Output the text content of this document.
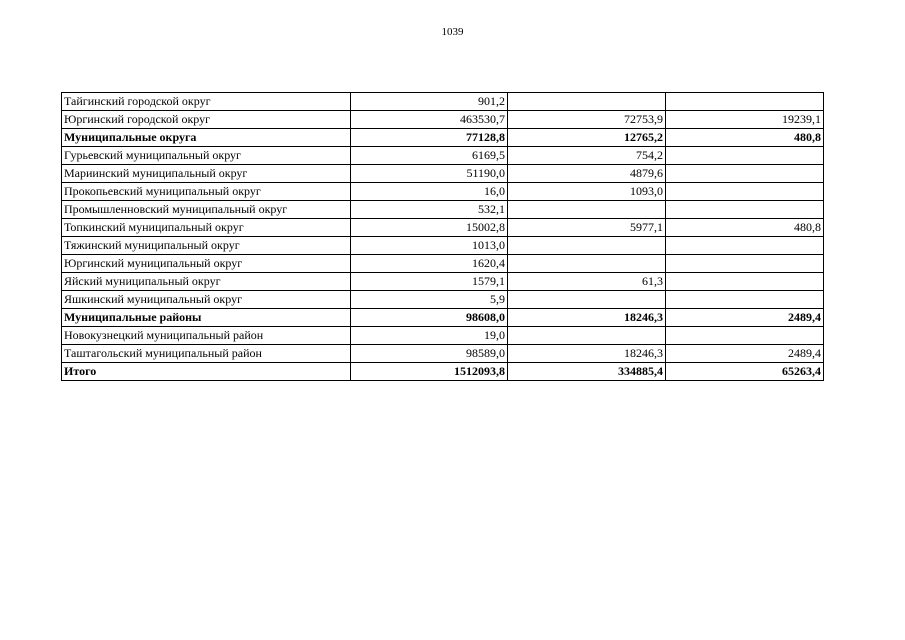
1039
Тайгинский городской округ	901,2		
Юргинский городской округ	463530,7	72753,9	19239,1
Муниципальные округа	77128,8	12765,2	480,8
Гурьевский муниципальный округ	6169,5	754,2	
Мариинский муниципальный округ	51190,0	4879,6	
Прокопьевский муниципальный округ	16,0	1093,0	
Промышленновский муниципальный округ	532,1		
Топкинский муниципальный округ	15002,8	5977,1	480,8
Тяжинский муниципальный округ	1013,0		
Юргинский муниципальный округ	1620,4		
Яйский муниципальный округ	1579,1	61,3	
Яшкинский муниципальный округ	5,9		
Муниципальные районы	98608,0	18246,3	2489,4
Новокузнецкий муниципальный район	19,0		
Таштагольский муниципальный район	98589,0	18246,3	2489,4
Итого	1512093,8	334885,4	65263,4
